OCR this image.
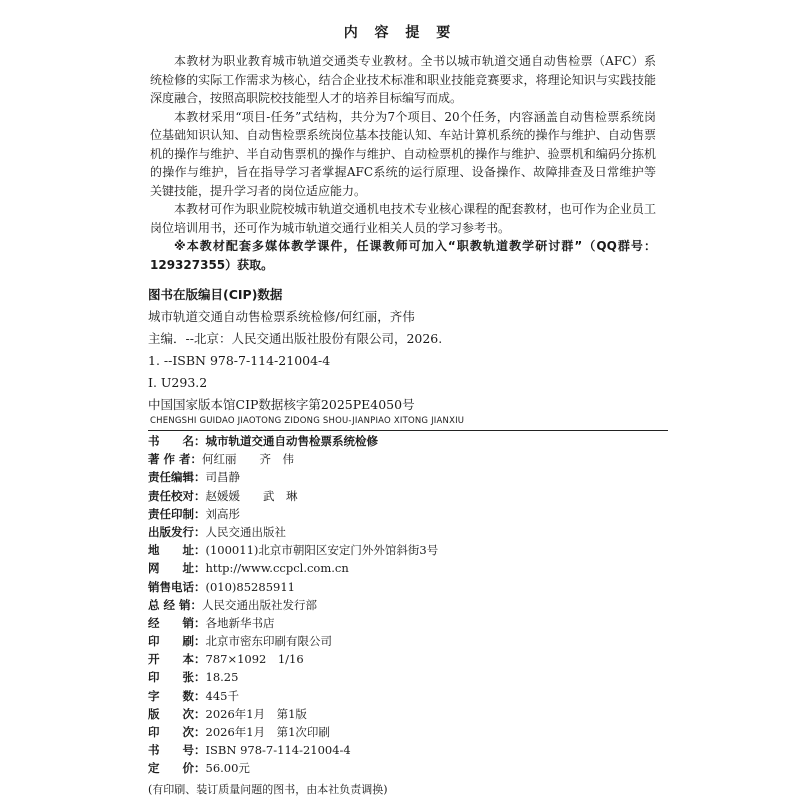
内 容 提 要

本教材为职业教育城市轨道交通类专业教材。全书以城市轨道交通自动售检票（AFC）系统检修的实际工作需求为核心，结合企业技术标准和职业技能竞赛要求，将理论知识与实践技能深度融合，按照高职院校技能型人才的培养目标编写而成。

本教材采用“项目-任务”式结构，共分为7个项目、20个任务，内容涵盖自动售检票系统岗位基础知识认知、自动售检票系统岗位基本技能认知、车站计算机系统的操作与维护、自动售票机的操作与维护、半自动售票机的操作与维护、自动检票机的操作与维护、验票机和编码分拣机的操作与维护，旨在指导学习者掌握AFC系统的运行原理、设备操作、故障排查及日常维护等关键技能，提升学习者的岗位适应能力。

本教材可作为职业院校城市轨道交通机电技术专业核心课程的配套教材，也可作为企业员工岗位培训用书，还可作为城市轨道交通行业相关人员的学习参考书。

※本教材配套多媒体教学课件，任课教师可加入“职教轨道教学研讨群”（QQ群号：129327355）获取。

图书在版编目(CIP)数据

城市轨道交通自动售检票系统检修/何红丽，齐伟

主编．--北京：人民交通出版社股份有限公司，2026.

1. --ISBN 978-7-114-21004-4

Ⅰ. U293.2

中国国家版本馆CIP数据核字第2025PE4050号

CHENGSHI GUIDAO JIAOTONG ZIDONG SHOU-JIANPIAO XITONG JIANXIU
书　　名： 城市轨道交通自动售检票系统检修
著 作 者： 何红丽　　齐　伟
责任编辑： 司昌静
责任校对： 赵媛媛　　武　琳
责任印制： 刘高彤
出版发行： 人民交通出版社
地　　址： (100011)北京市朝阳区安定门外外馆斜街3号
网　　址： http://www.ccpcl.com.cn
销售电话： (010)85285911
总 经 销： 人民交通出版社发行部
经　　销： 各地新华书店
印　　刷： 北京市密东印刷有限公司
开　　本： 787×1092　1/16
印　　张： 18.25
字　　数： 445千
版　　次： 2026年1月　第1版
印　　次： 2026年1月　第1次印刷
书　　号： ISBN 978-7-114-21004-4
定　　价： 56.00元
(有印刷、装订质量问题的图书，由本社负责调换)
